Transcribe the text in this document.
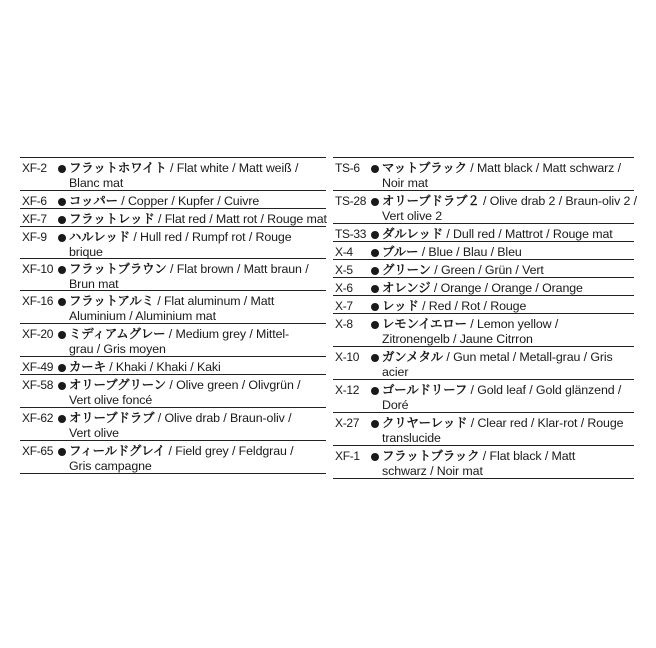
XF-2	フラットホワイト / Flat white / Matt weiß /
Blanc mat
XF-6	コッパー / Copper / Kupfer / Cuivre
XF-7	フラットレッド / Flat red / Matt rot / Rouge mat
XF-9	ハルレッド / Hull red / Rumpf rot / Rouge
brique
XF-10	フラットブラウン / Flat brown / Matt braun /
Brun mat
XF-16	フラットアルミ / Flat aluminum / Matt
Aluminium / Aluminium mat
XF-20	ミディアムグレー / Medium grey / Mittel-
grau / Gris moyen
XF-49	カーキ / Khaki / Khaki / Kaki
XF-58	オリーブグリーン / Olive green / Olivgrün /
Vert olive foncé
XF-62	オリーブドラブ / Olive drab / Braun-oliv /
Vert olive
XF-65	フィールドグレイ / Field grey / Feldgrau /
Gris campagne
TS-6	マットブラック / Matt black / Matt schwarz /
Noir mat
TS-28	オリーブドラブ２ / Olive drab 2 / Braun-oliv 2 /
Vert olive 2
TS-33	ダルレッド / Dull red / Mattrot / Rouge mat
X-4	ブルー / Blue / Blau / Bleu
X-5	グリーン / Green / Grün / Vert
X-6	オレンジ / Orange / Orange / Orange
X-7	レッド / Red / Rot / Rouge
X-8	レモンイエロー / Lemon yellow /
Zitronengelb / Jaune Citrron
X-10	ガンメタル / Gun metal / Metall-grau / Gris
acier
X-12	ゴールドリーフ / Gold leaf / Gold glänzend /
Doré
X-27	クリヤーレッド / Clear red / Klar-rot / Rouge
translucide
XF-1	フラットブラック / Flat black / Matt
schwarz / Noir mat
